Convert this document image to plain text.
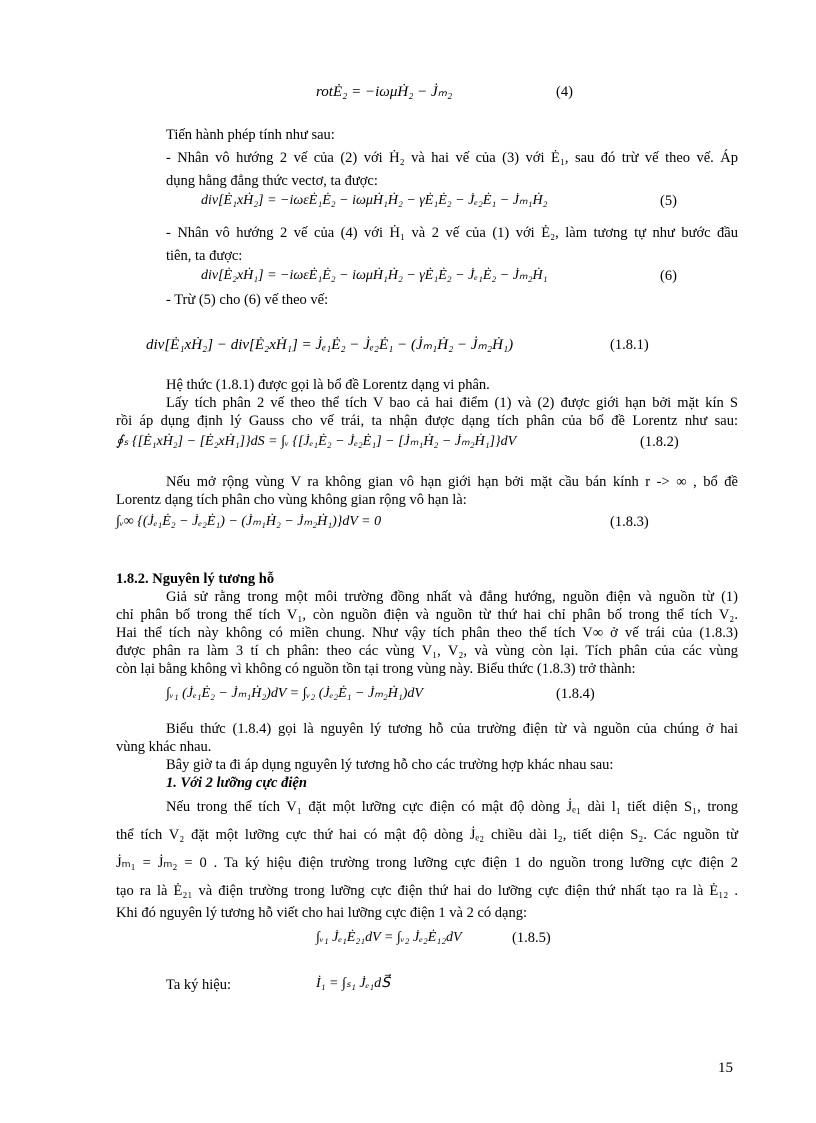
rotĖ₂ = −iωμḢ₂ − J̇ₘ₂	(4)
Tiến hành phép tính như sau:
- Nhân vô hướng 2 vế của (2) với Ḣ₂ và hai vế của (3) với Ė₁, sau đó trừ vế theo vế. Áp
dụng hằng đẳng thức vectơ, ta được:
div[Ė₁xḢ₂] = −iωεĖ₁Ė₂ − iωμḢ₁Ḣ₂ − γĖ₁Ė₂ − J̇ₑ₂Ė₁ − J̇ₘ₁Ḣ₂	(5)
- Nhân vô hướng 2 vế của (4) với Ḣ₁ và 2 vế của (1) với Ė₂, làm tương tự như bước đầu
tiên, ta được:
div[Ė₂xḢ₁] = −iωεĖ₁Ė₂ − iωμḢ₁Ḣ₂ − γĖ₁Ė₂ − J̇ₑ₁Ė₂ − J̇ₘ₂Ḣ₁	(6)
- Trừ (5) cho (6) vế theo vế:
div[Ė₁xḢ₂] − div[Ė₂xḢ₁] = J̇ₑ₁Ė₂ − J̇ₑ₂Ė₁ − (J̇ₘ₁Ḣ₂ − J̇ₘ₂Ḣ₁)	(1.8.1)
Hệ thức (1.8.1) được gọi là bổ đề Lorentz dạng vi phân.
Lấy tích phân 2 vế theo thể tích V bao cả hai điểm (1) và (2) được giới hạn bởi mặt kín S
rồi áp dụng định lý Gauss cho vế trái, ta nhận được dạng tích phân của bổ đề Lorentz như sau:
∮ₛ {[Ė₁xḢ₂] − [Ė₂xḢ₁]}dS = ∫ᵥ {[J̇ₑ₁Ė₂ − J̇ₑ₂Ė₁] − [J̇ₘ₁Ḣ₂ − J̇ₘ₂Ḣ₁]}dV	(1.8.2)
Nếu mở rộng vùng V ra không gian vô hạn giới hạn bởi mặt cầu bán kính r -> ∞ , bổ đề
Lorentz dạng tích phân cho vùng không gian rộng vô hạn là:
∫ᵥ∞ {(J̇ₑ₁Ė₂ − J̇ₑ₂Ė₁) − (J̇ₘ₁Ḣ₂ − J̇ₘ₂Ḣ₁)}dV = 0	(1.8.3)
1.8.2. Nguyên lý tương hỗ
Giả sử rằng trong một môi trường đồng nhất và đẳng hướng, nguồn điện và nguồn từ (1)
chỉ phân bố trong thể tích V₁, còn nguồn điện và nguồn từ thứ hai chỉ phân bố trong thể tích V₂.
Hai thể tích này không có miền chung. Như vậy tích phân theo thể tích V∞ ở vế trái của (1.8.3)
được phân ra làm 3 tí ch phân: theo các vùng V₁, V₂, và vùng còn lại. Tích phân của các vùng
còn lại bằng không vì không có nguồn tồn tại trong vùng này. Biểu thức (1.8.3) trở thành:
∫ᵥ₁ (J̇ₑ₁Ė₂ − J̇ₘ₁Ḣ₂)dV = ∫ᵥ₂ (J̇ₑ₂Ė₁ − J̇ₘ₂Ḣ₁)dV	(1.8.4)
Biểu thức (1.8.4) gọi là nguyên lý tương hỗ của trường điện từ và nguồn của chúng ở hai
vùng khác nhau.
Bây giờ ta đi áp dụng nguyên lý tương hỗ cho các trường hợp khác nhau sau:
1. Với 2 lưỡng cực điện
Nếu trong thể tích V₁ đặt một lưỡng cực điện có mật độ dòng J̇ₑ₁ dài l₁ tiết diện S₁, trong
thể tích V₂ đặt một lưỡng cực thứ hai có mật độ dòng J̇ₑ₂ chiều dài l₂, tiết diện S₂. Các nguồn từ
J̇ₘ₁ = J̇ₘ₂ = 0 . Ta ký hiệu điện trường trong lưỡng cực điện 1 do nguồn trong lưỡng cực điện 2
tạo ra là Ė₂₁ và điện trường trong lưỡng cực điện thứ hai do lưỡng cực điện thứ nhất tạo ra là Ė₁₂ .
Khi đó nguyên lý tương hỗ viết cho hai lưỡng cực điện 1 và 2 có dạng:
∫ᵥ₁ J̇ₑ₁Ė₂₁dV = ∫ᵥ₂ J̇ₑ₂Ė₁₂dV	(1.8.5)
Ta ký hiệu:	İ₁ = ∫ₛ₁ J̇ₑ₁dS⃗
15
